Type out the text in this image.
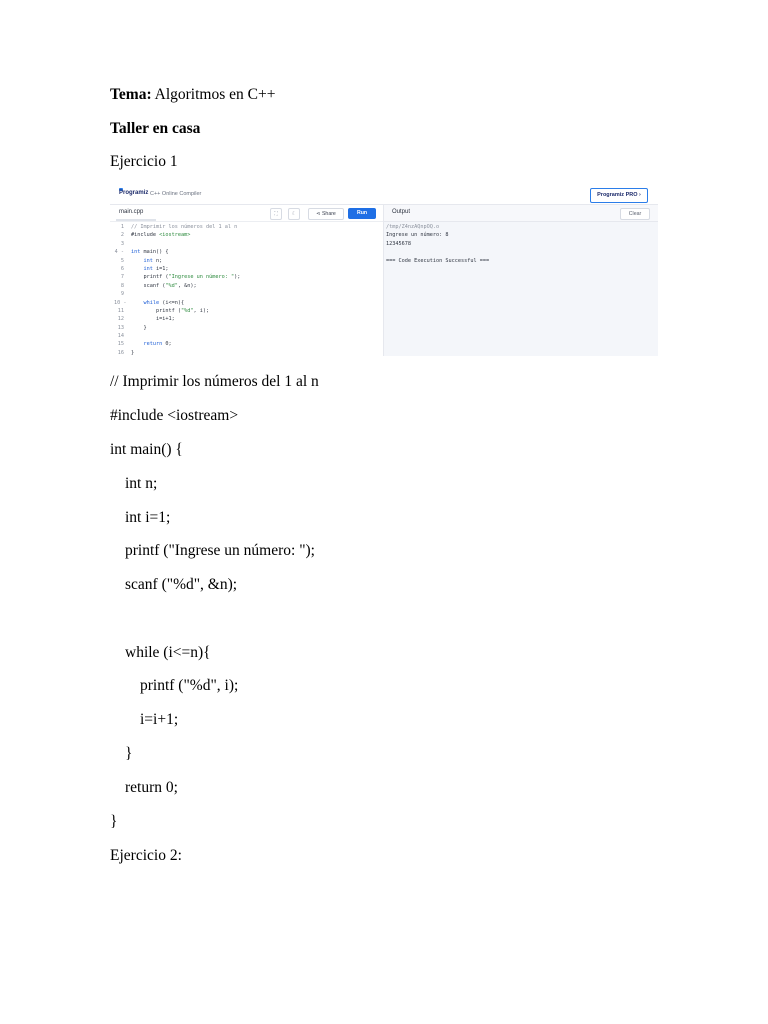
Tema: Algoritmos en C++
Taller en casa
Ejercicio 1
Programiz C++ Online Compiler	Programiz PRO ›
main.cpp	⛶	☾	⋖ Share	Run
1 // Imprimir los números del 1 al n
2 #include <iostream>
3
4 - int main() {
5	int n;
6	int i=1;
7 printf ("Ingrese un número: ");
8 scanf ("%d", &n);
9
10 -	while (i<=n){
11 printf ("%d", i);
12 i=i+1;
13 }
14
15	return 0;
16 }
Output	Clear
/tmp/Z4nzAQnpOQ.o
Ingrese un número: 8
12345678
=== Code Execution Successful ===
// Imprimir los números del 1 al n
#include <iostream>
int main() {
int n;
int i=1;
printf ("Ingrese un número: ");
scanf ("%d", &n);
while (i<=n){
printf ("%d", i);
i=i+1;
}
return 0;
}
Ejercicio 2:
